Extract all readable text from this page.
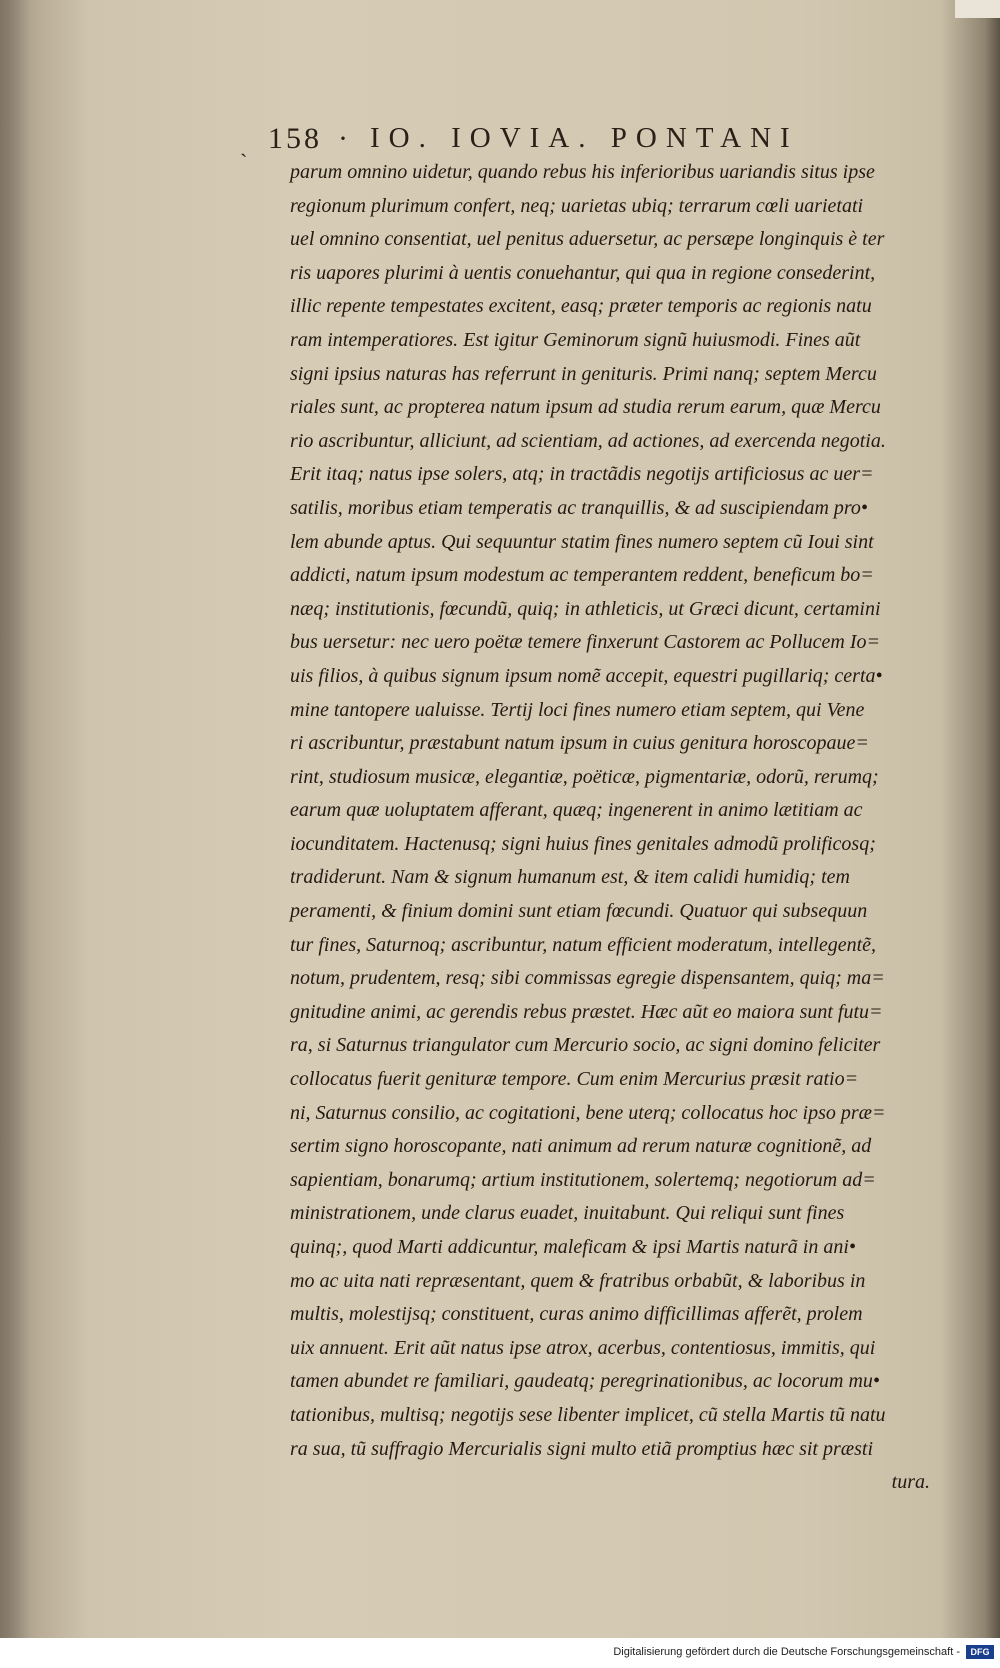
ˎ 158 · IO. IOVIA. PONTANI
parum omnino uidetur, quando rebus his inferioribus uariandis situs ipse
regionum plurimum confert, neq; uarietas ubiq; terrarum cœli uarietati
uel omnino consentiat, uel penitus aduersetur, ac persæpe longinquis è ter
ris uapores plurimi à uentis conuehantur, qui qua in regione consederint,
illic repente tempestates excitent, easq; præter temporis ac regionis natu
ram intemperatiores. Est igitur Geminorum signũ huiusmodi. Fines aũt
signi ipsius naturas has referrunt in genituris. Primi nanq; septem Mercu
riales sunt, ac propterea natum ipsum ad studia rerum earum, quæ Mercu
rio ascribuntur, alliciunt, ad scientiam, ad actiones, ad exercenda negotia.
Erit itaq; natus ipse solers, atq; in tractãdis negotijs artificiosus ac uer=
satilis, moribus etiam temperatis ac tranquillis, & ad suscipiendam pro•
lem abunde aptus. Qui sequuntur statim fines numero septem cũ Ioui sint
addicti, natum ipsum modestum ac temperantem reddent, beneficum bo=
næq; institutionis, fœcundũ, quiq; in athleticis, ut Græci dicunt, certamini
bus uersetur: nec uero poëtæ temere finxerunt Castorem ac Pollucem Io=
uis filios, à quibus signum ipsum nomẽ accepit, equestri pugillariq; certa•
mine tantopere ualuisse. Tertij loci fines numero etiam septem, qui Vene
ri ascribuntur, præstabunt natum ipsum in cuius genitura horoscopaue=
rint, studiosum musicæ, elegantiæ, poëticæ, pigmentariæ, odorũ, rerumq;
earum quæ uoluptatem afferant, quæq; ingenerent in animo lætitiam ac
iocunditatem. Hactenusq; signi huius fines genitales admodũ prolificosq;
tradiderunt. Nam & signum humanum est, & item calidi humidiq; tem
peramenti, & finium domini sunt etiam fœcundi. Quatuor qui subsequun
tur fines, Saturnoq; ascribuntur, natum efficient moderatum, intellegentẽ,
notum, prudentem, resq; sibi commissas egregie dispensantem, quiq; ma=
gnitudine animi, ac gerendis rebus præstet. Hæc aũt eo maiora sunt futu=
ra, si Saturnus triangulator cum Mercurio socio, ac signi domino feliciter
collocatus fuerit genituræ tempore. Cum enim Mercurius præsit ratio=
ni, Saturnus consilio, ac cogitationi, bene uterq; collocatus hoc ipso præ=
sertim signo horoscopante, nati animum ad rerum naturæ cognitionẽ, ad
sapientiam, bonarumq; artium institutionem, solertemq; negotiorum ad=
ministrationem, unde clarus euadet, inuitabunt. Qui reliqui sunt fines
quinq;, quod Marti addicuntur, maleficam & ipsi Martis naturã in ani•
mo ac uita nati repræsentant, quem & fratribus orbabũt, & laboribus in
multis, molestijsq; constituent, curas animo difficillimas afferẽt, prolem
uix annuent. Erit aũt natus ipse atrox, acerbus, contentiosus, immitis, qui
tamen abundet re familiari, gaudeatq; peregrinationibus, ac locorum mu•
tationibus, multisq; negotijs sese libenter implicet, cũ stella Martis tũ natu
ra sua, tũ suffragio Mercurialis signi multo etiã promptius hæc sit præsti
tura.
Digitalisierung gefördert durch die Deutsche Forschungsgemeinschaft -	DFG
